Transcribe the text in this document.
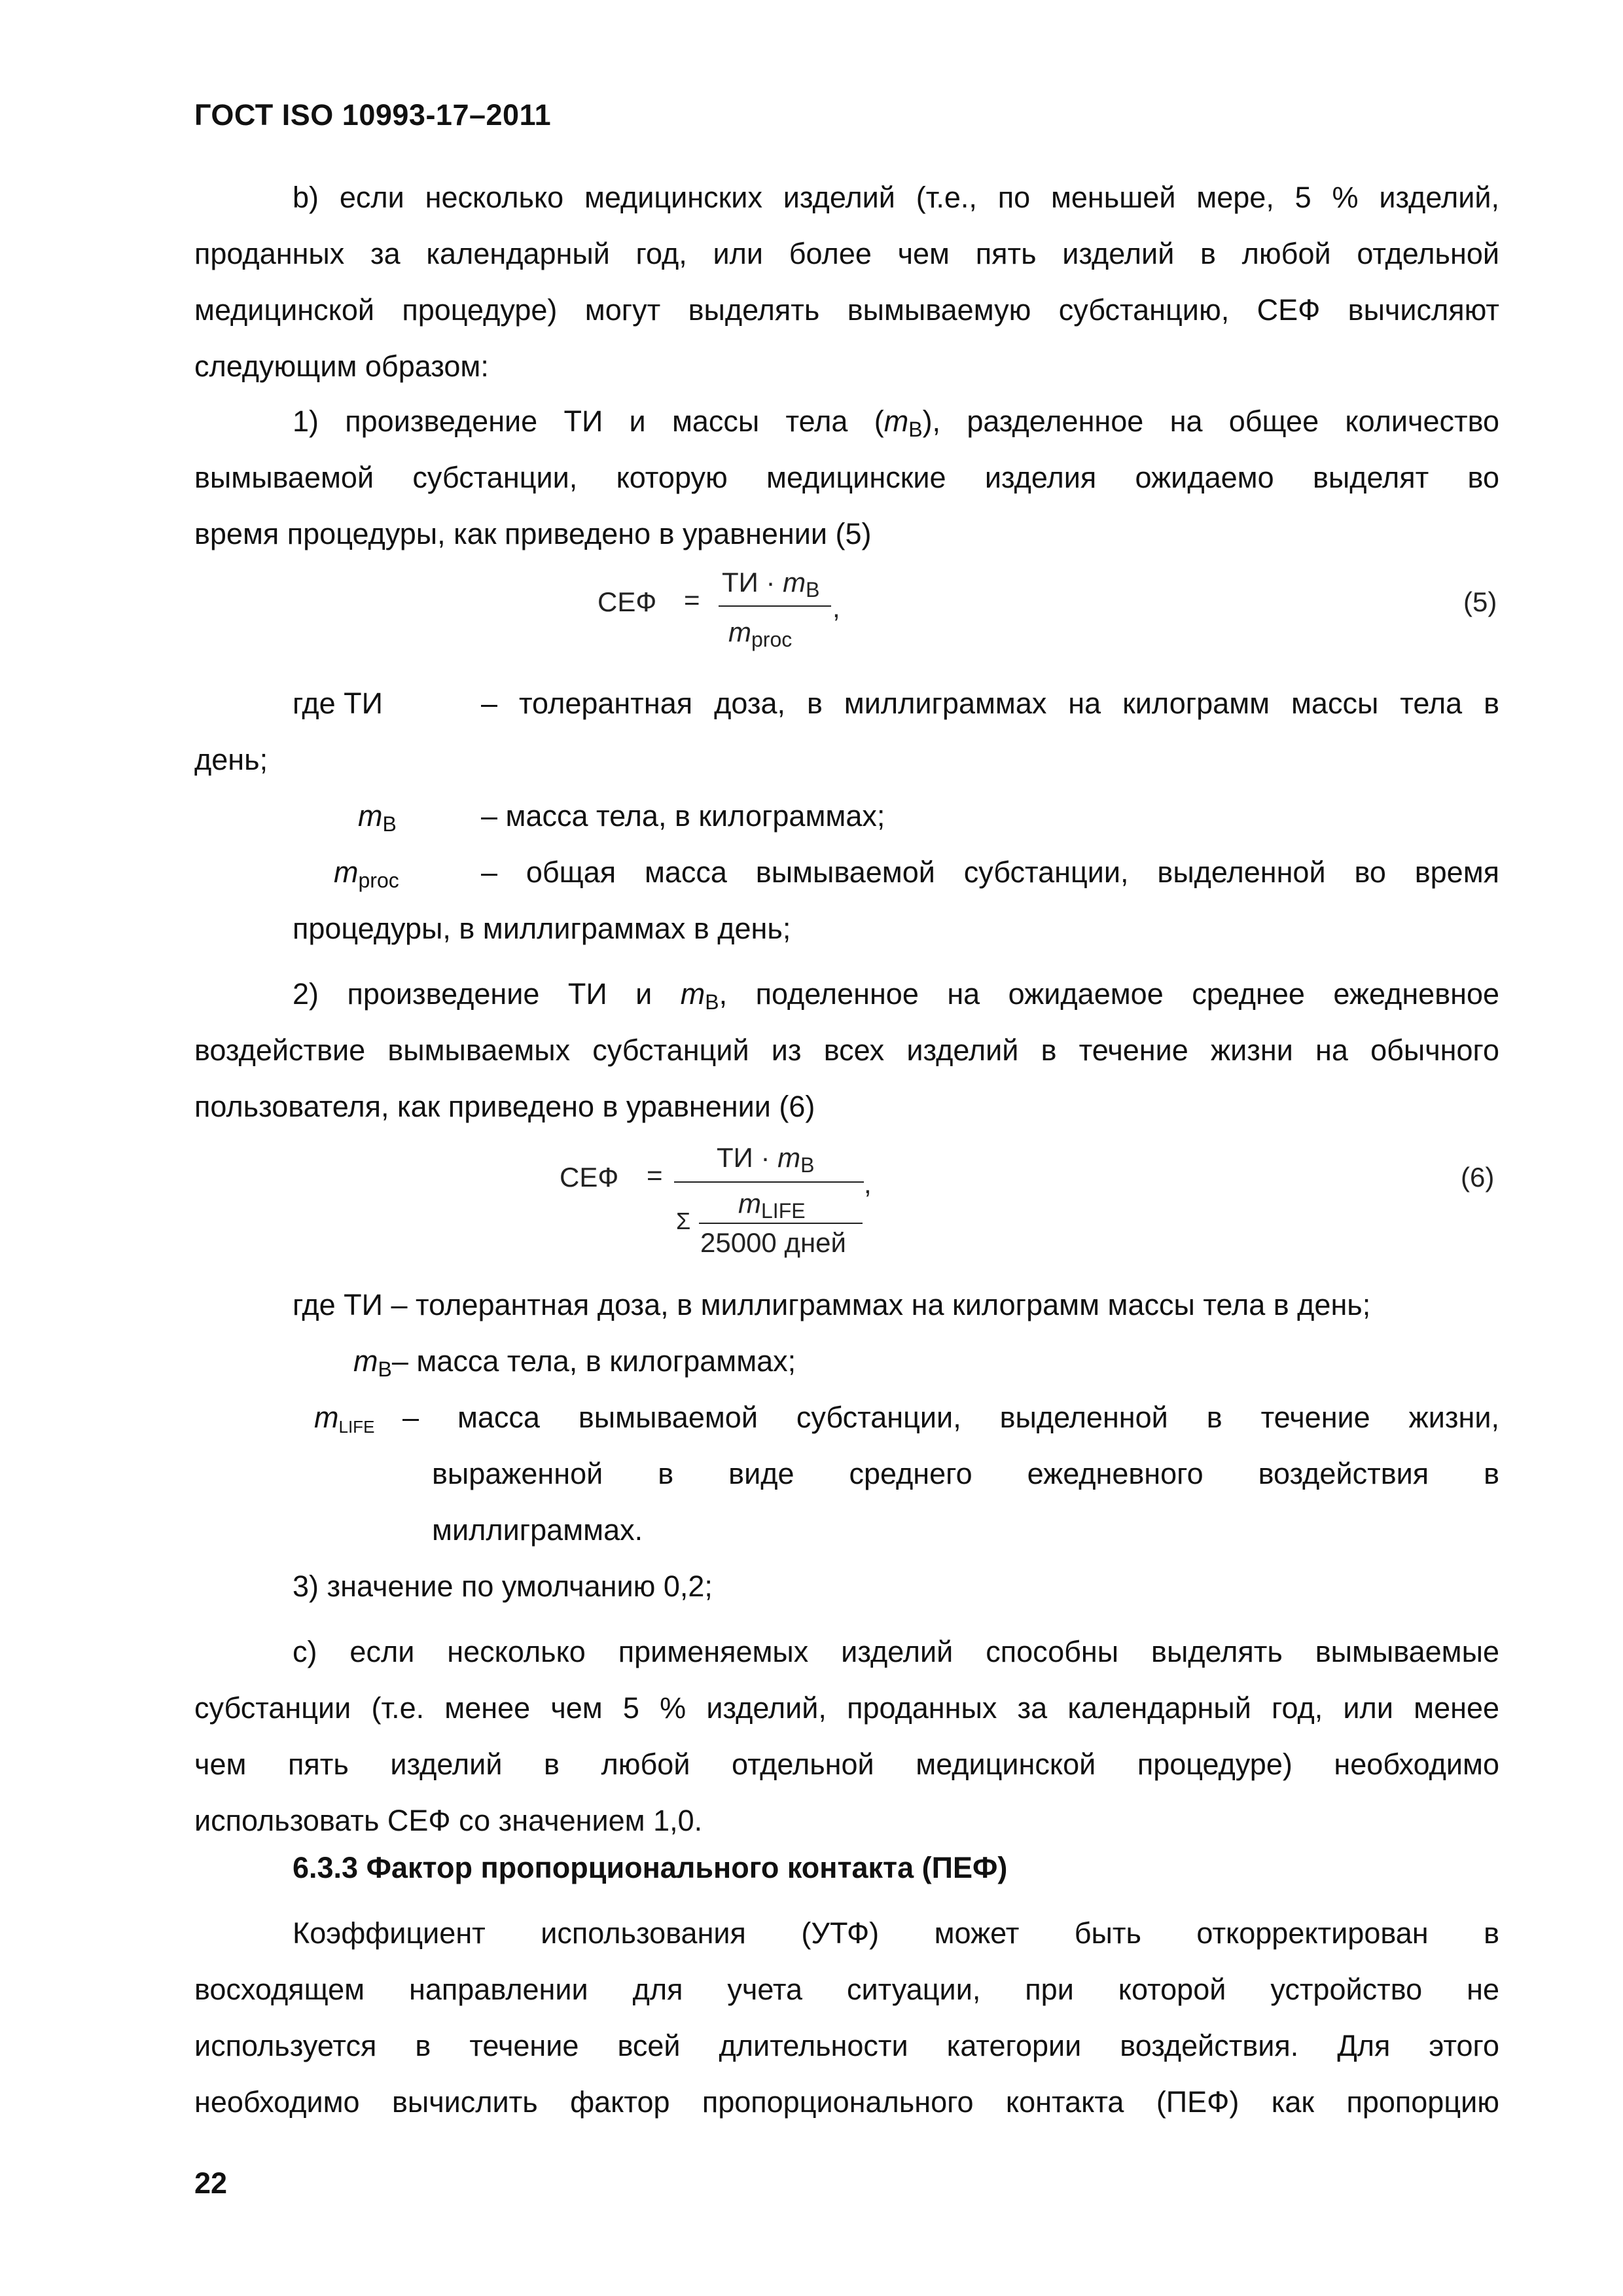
ГОСТ ISO 10993-17–2011
b) если несколько медицинских изделий (т.е., по меньшей мере, 5 % изделий,
проданных за календарный год, или более чем пять изделий в любой отдельной
медицинской процедуре) могут выделять вымываемую субстанцию, СЕФ вычисляют
следующим образом:
1) произведение ТИ и массы тела $(m_B)$, разделенное на общее количество
вымываемой субстанции, которую медицинские изделия ожидаемо выделят во
время процедуры, как приведено в уравнении (5)
СЕФ =
ТИ · $m_B$
$m_{proc}$
,	(5)
где ТИ	– толерантная доза, в миллиграммах на килограмм массы тела в
день;
$m_B$	– масса тела, в килограммах;
$m_{proc}$	– общая масса вымываемой субстанции, выделенной во время
процедуры, в миллиграммах в день;
2) произведение ТИ и $m_B$, поделенное на ожидаемое среднее ежедневное
воздействие вымываемых субстанций из всех изделий в течение жизни на обычного
пользователя, как приведено в уравнении (6)
СЕФ =
ТИ · $m_B$
Σ
$m_{LIFE}$
25000 дней
,	(6)
где ТИ – толерантная доза, в миллиграммах на килограмм массы тела в день;
$m_B-$ масса тела, в килограммах;
$m_{LIFE}$ – масса вымываемой субстанции, выделенной в течение жизни,
выраженной в виде среднего ежедневного воздействия в
миллиграммах.
3) значение по умолчанию 0,2;
c) если несколько применяемых изделий способны выделять вымываемые
субстанции (т.е. менее чем 5 % изделий, проданных за календарный год, или менее
чем пять изделий в любой отдельной медицинской процедуре) необходимо
использовать СЕФ со значением 1,0.
6.3.3 Фактор пропорционального контакта (ПЕФ)
Коэффициент использования (УТФ) может быть откорректирован в
восходящем направлении для учета ситуации, при которой устройство не
используется в течение всей длительности категории воздействия. Для этого
необходимо вычислить фактор пропорционального контакта (ПЕФ) как пропорцию
22
